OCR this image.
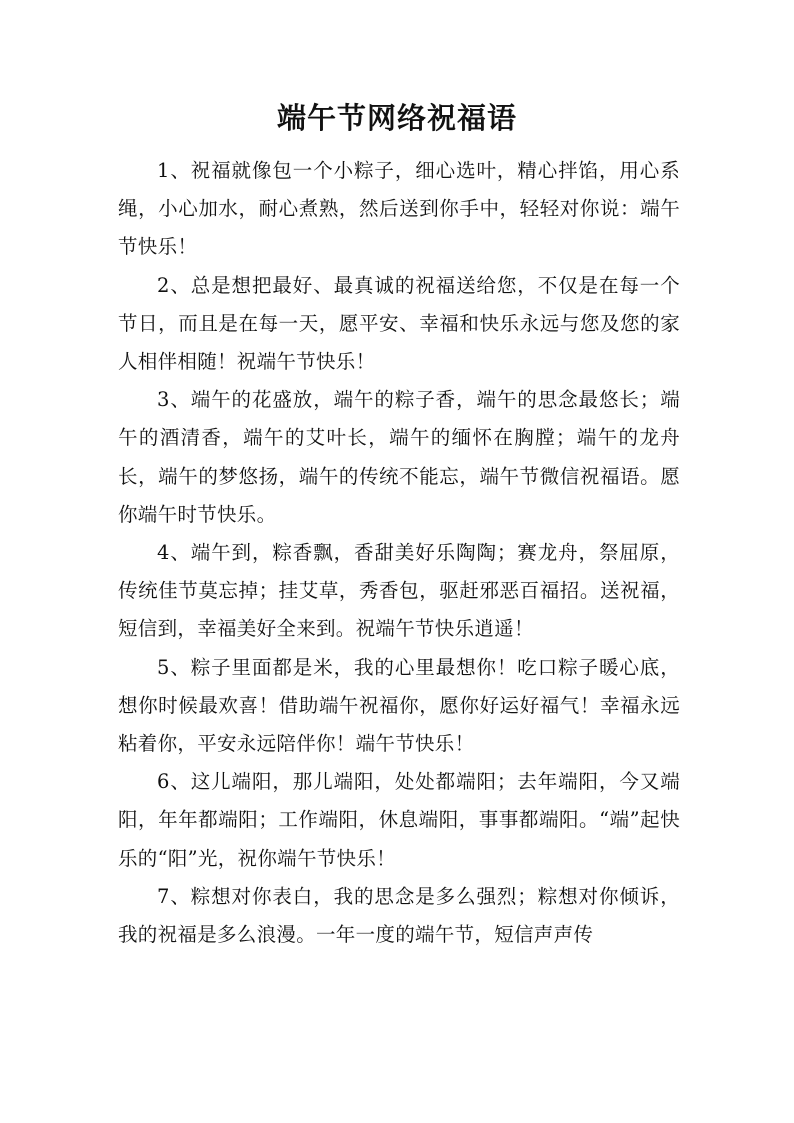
端午节网络祝福语

1、祝福就像包一个小粽子，细心选叶，精心拌馅，用心系绳，小心加水，耐心煮熟，然后送到你手中，轻轻对你说：端午节快乐！

2、总是想把最好、最真诚的祝福送给您，不仅是在每一个节日，而且是在每一天，愿平安、幸福和快乐永远与您及您的家人相伴相随！祝端午节快乐！

3、端午的花盛放，端午的粽子香，端午的思念最悠长；端午的酒清香，端午的艾叶长，端午的缅怀在胸膛；端午的龙舟长，端午的梦悠扬，端午的传统不能忘，端午节微信祝福语。愿你端午时节快乐。

4、端午到，粽香飘，香甜美好乐陶陶；赛龙舟，祭屈原，传统佳节莫忘掉；挂艾草，秀香包，驱赶邪恶百福招。送祝福，短信到，幸福美好全来到。祝端午节快乐逍遥！

5、粽子里面都是米，我的心里最想你！吃口粽子暖心底，想你时候最欢喜！借助端午祝福你，愿你好运好福气！幸福永远粘着你，平安永远陪伴你！端午节快乐！

6、这儿端阳，那儿端阳，处处都端阳；去年端阳，今又端阳，年年都端阳；工作端阳，休息端阳，事事都端阳。“端”起快乐的“阳”光，祝你端午节快乐！

7、粽想对你表白，我的思念是多么强烈；粽想对你倾诉，我的祝福是多么浪漫。一年一度的端午节，短信声声传
